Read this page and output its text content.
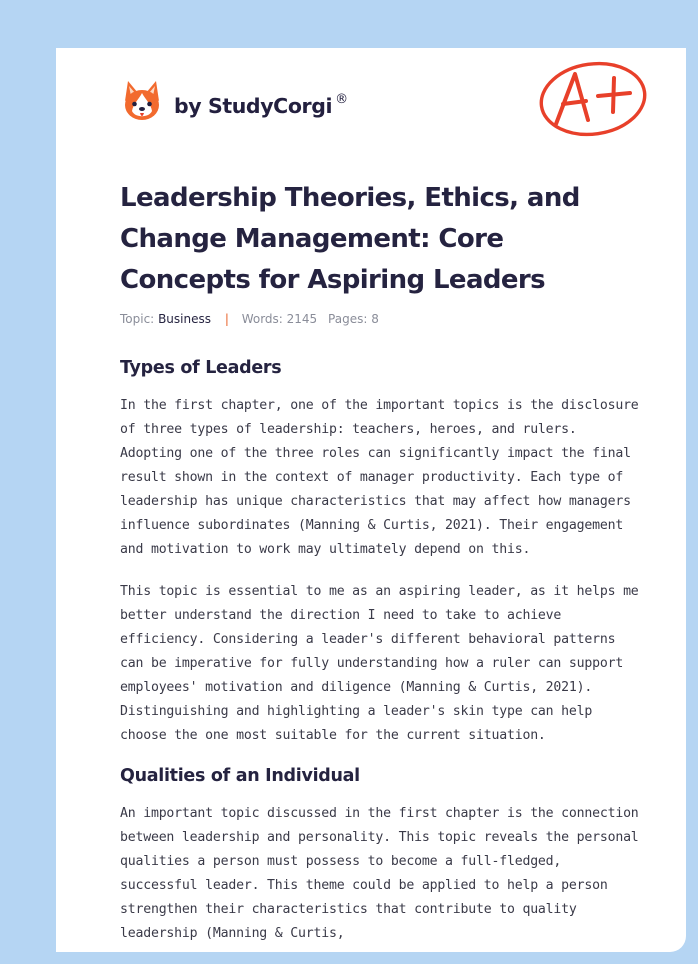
by StudyCorgi ®
Leadership Theories, Ethics, and Change Management: Core Concepts for Aspiring Leaders
Topic: Business | Words: 2145 Pages: 8
Types of Leaders

In the first chapter, one of the important topics is the disclosure of three types of leadership: teachers, heroes, and rulers. Adopting one of the three roles can significantly impact the final result shown in the context of manager productivity. Each type of leadership has unique characteristics that may affect how managers influence subordinates (Manning & Curtis, 2021). Their engagement and motivation to work may ultimately depend on this.

This topic is essential to me as an aspiring leader, as it helps me better understand the direction I need to take to achieve efficiency. Considering a leader's different behavioral patterns can be imperative for fully understanding how a ruler can support employees' motivation and diligence (Manning & Curtis, 2021). Distinguishing and highlighting a leader's skin type can help choose the one most suitable for the current situation.

Qualities of an Individual

An important topic discussed in the first chapter is the connection between leadership and personality. This topic reveals the personal qualities a person must possess to become a full-fledged, successful leader. This theme could be applied to help a person strengthen their characteristics that contribute to quality leadership (Manning & Curtis,
